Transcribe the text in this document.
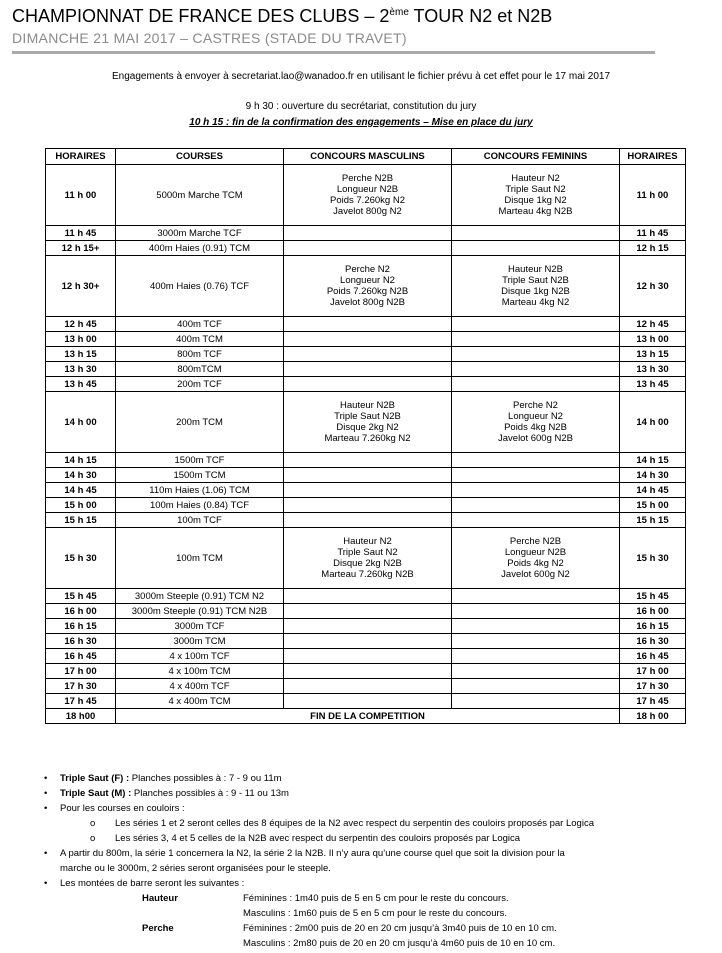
CHAMPIONNAT DE FRANCE DES CLUBS – 2ème TOUR N2 et N2B
DIMANCHE 21 MAI 2017 – CASTRES (STADE DU TRAVET)
Engagements à envoyer à secretariat.lao@wanadoo.fr en utilisant le fichier prévu à cet effet pour le 17 mai 2017
9 h 30 : ouverture du secrétariat, constitution du jury
10 h 15 : fin de la confirmation des engagements – Mise en place du jury
HORAIRES	COURSES	CONCOURS MASCULINS	CONCOURS FEMININS	HORAIRES
11 h 00	5000m Marche TCM	Perche N2B
Longueur N2B
Poids 7.260kg N2
Javelot 800g N2	Hauteur N2
Triple Saut N2
Disque 1kg N2
Marteau 4kg N2B	11 h 00
11 h 45	3000m Marche TCF			11 h 45
12 h 15+	400m Haies (0.91) TCM			12 h 15
12 h 30+	400m Haies (0.76) TCF	Perche N2
Longueur N2
Poids 7.260kg N2B
Javelot 800g N2B	Hauteur N2B
Triple Saut N2B
Disque 1kg N2B
Marteau 4kg N2	12 h 30
12 h 45	400m TCF			12 h 45
13 h 00	400m TCM			13 h 00
13 h 15	800m TCF			13 h 15
13 h 30	800mTCM			13 h 30
13 h 45	200m TCF			13 h 45
14 h 00	200m TCM	Hauteur N2B
Triple Saut N2B
Disque 2kg N2
Marteau 7.260kg N2	Perche N2
Longueur N2
Poids 4kg N2B
Javelot 600g N2B	14 h 00
14 h 15	1500m TCF			14 h 15
14 h 30	1500m TCM			14 h 30
14 h 45	110m Haies (1.06) TCM			14 h 45
15 h 00	100m Haies (0.84) TCF			15 h 00
15 h 15	100m TCF			15 h 15
15 h 30	100m TCM	Hauteur N2
Triple Saut N2
Disque 2kg N2B
Marteau 7.260kg N2B	Perche N2B
Longueur N2B
Poids 4kg N2
Javelot 600g N2	15 h 30
15 h 45	3000m Steeple (0.91) TCM N2			15 h 45
16 h 00	3000m Steeple (0.91) TCM N2B			16 h 00
16 h 15	3000m TCF			16 h 15
16 h 30	3000m TCM			16 h 30
16 h 45	4 x 100m TCF			16 h 45
17 h 00	4 x 100m TCM			17 h 00
17 h 30	4 x 400m TCF			17 h 30
17 h 45	4 x 400m TCM			17 h 45
18 h00	FIN DE LA COMPETITION			18 h 00
•	Triple Saut (F) : Planches possibles à : 7 - 9 ou 11m
•	Triple Saut (M) : Planches possibles à : 9 - 11 ou 13m
•	Pour les courses en couloirs :
o	Les séries 1 et 2 seront celles des 8 équipes de la N2 avec respect du serpentin des couloirs proposés par Logica
o	Les séries 3, 4 et 5 celles de la N2B avec respect du serpentin des couloirs proposés par Logica
•	A partir du 800m, la série 1 concernera la N2, la série 2 la N2B. Il n’y aura qu’une course quel que soit la division pour la
marche ou le 3000m, 2 séries seront organisées pour le steeple.
•	Les montées de barre seront les suivantes :
Hauteur	Féminines : 1m40 puis de 5 en 5 cm pour le reste du concours.
Masculins : 1m60 puis de 5 en 5 cm pour le reste du concours.
Perche	Féminines : 2m00 puis de 20 en 20 cm jusqu’à 3m40 puis de 10 en 10 cm.
Masculins : 2m80 puis de 20 en 20 cm jusqu’à 4m60 puis de 10 en 10 cm.
